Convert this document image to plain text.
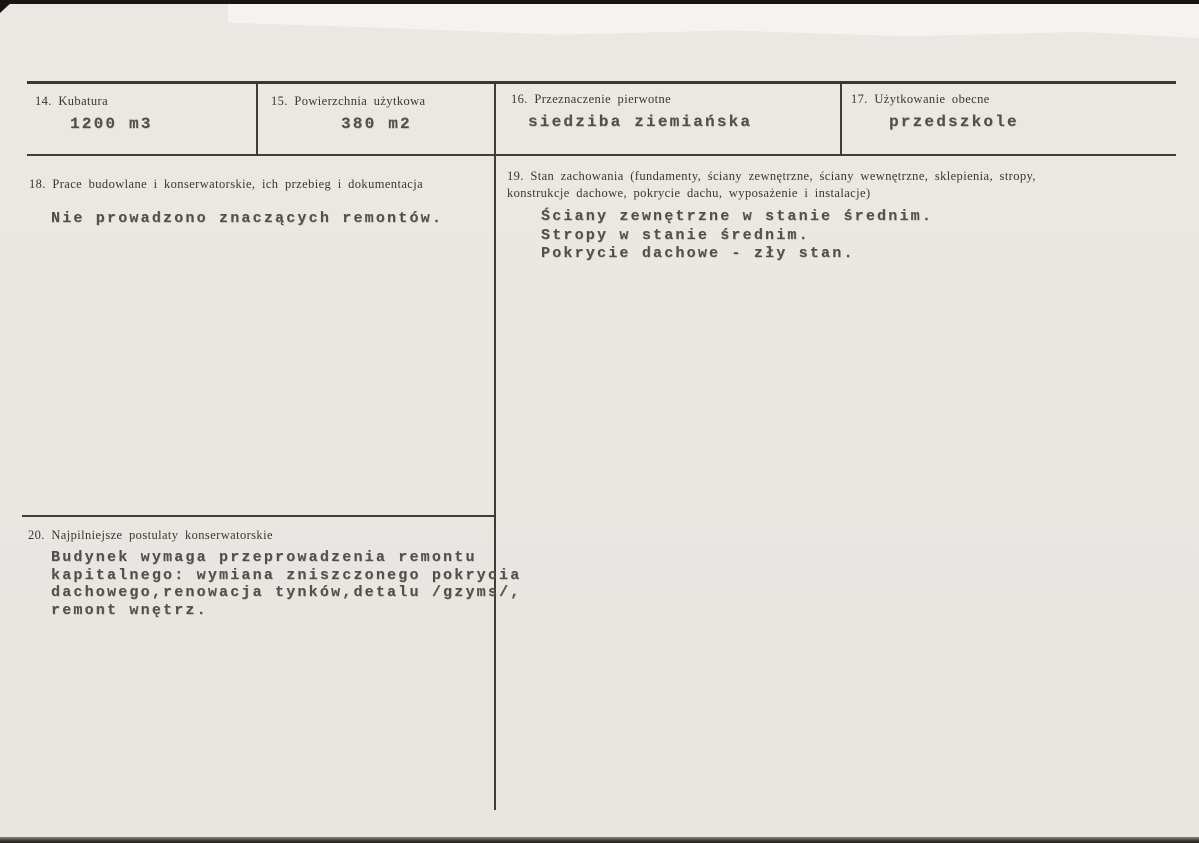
14. Kubatura
1200 m3
15. Powierzchnia użytkowa
380 m2
16. Przeznaczenie pierwotne
siedziba ziemiańska
17. Użytkowanie obecne
przedszkole
18. Prace budowlane i konserwatorskie, ich przebieg i dokumentacja
Nie prowadzono znaczących remontów.
19. Stan zachowania (fundamenty, ściany zewnętrzne, ściany wewnętrzne, sklepienia, stropy, konstrukcje dachowe, pokrycie dachu, wyposażenie i instalacje)
Ściany zewnętrzne w stanie średnim.
Stropy w stanie średnim.
Pokrycie dachowe - zły stan.
20. Najpilniejsze postulaty konserwatorskie
Budynek wymaga przeprowadzenia remontu
kapitalnego: wymiana zniszczonego pokrycia
dachowego,renowacja tynków,detalu /gzyms/,
remont wnętrz.
